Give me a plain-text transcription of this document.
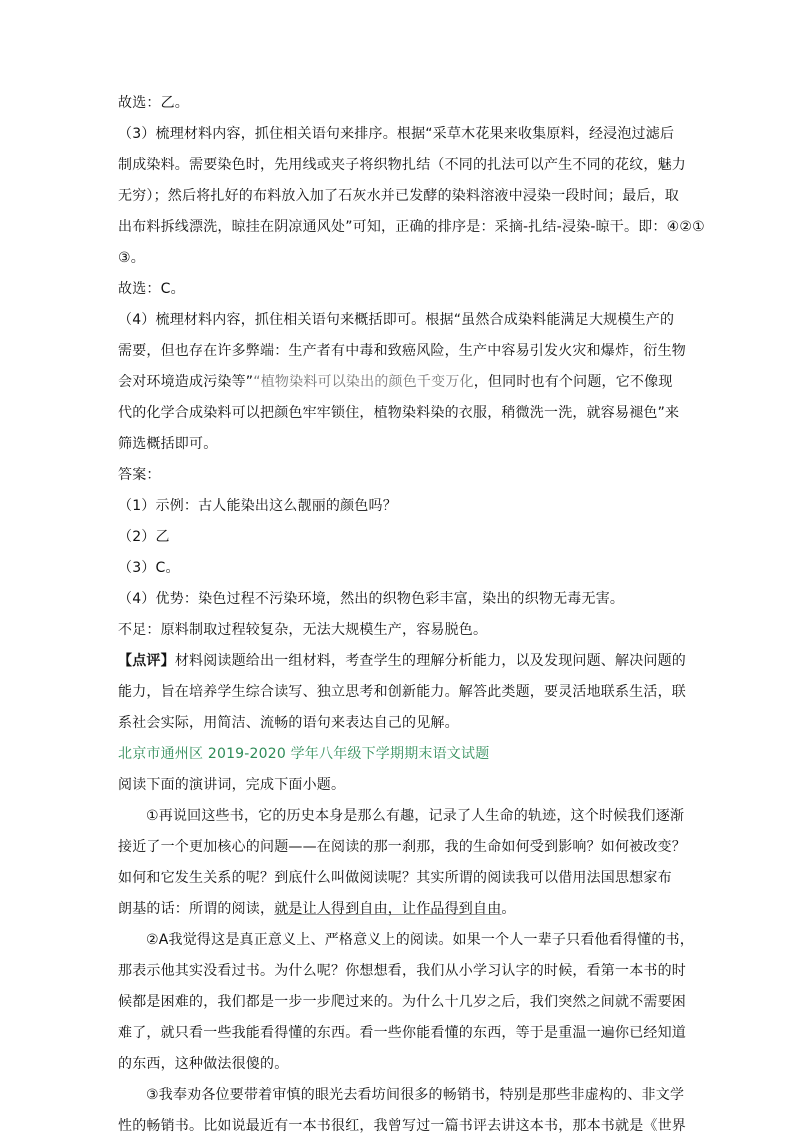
故选：乙。
（3）梳理材料内容，抓住相关语句来排序。根据“采草木花果来收集原料，经浸泡过滤后
制成染料。需要染色时，先用线或夹子将织物扎结（不同的扎法可以产生不同的花纹，魅力
无穷）；然后将扎好的布料放入加了石灰水并已发酵的染料溶液中浸染一段时间；最后，取
出布料拆线漂洗，晾挂在阴凉通风处”可知，正确的排序是：采摘-扎结-浸染-晾干。即：④②①
③。
故选：C。
（4）梳理材料内容，抓住相关语句来概括即可。根据“虽然合成染料能满足大规模生产的
需要，但也存在许多弊端：生产者有中毒和致癌风险，生产中容易引发火灾和爆炸，衍生物
会对环境造成污染等”“植物染料可以染出的颜色千变万化，但同时也有个问题，它不像现
代的化学合成染料可以把颜色牢牢锁住，植物染料染的衣服，稍微洗一洗，就容易褪色”来
筛选概括即可。
答案：
（1）示例：古人能染出这么靓丽的颜色吗？
（2）乙
（3）C。
（4）优势：染色过程不污染环境，然出的织物色彩丰富，染出的织物无毒无害。
不足：原料制取过程较复杂，无法大规模生产，容易脱色。
【点评】材料阅读题给出一组材料，考查学生的理解分析能力，以及发现问题、解决问题的
能力，旨在培养学生综合读写、独立思考和创新能力。解答此类题，要灵活地联系生活，联
系社会实际，用简洁、流畅的语句来表达自己的见解。
北京市通州区 2019-2020 学年八年级下学期期末语文试题
阅读下面的演讲词，完成下面小题。
①再说回这些书，它的历史本身是那么有趣，记录了人生命的轨迹，这个时候我们逐渐
接近了一个更加核心的问题——在阅读的那一刹那，我的生命如何受到影响？如何被改变？
如何和它发生关系的呢？到底什么叫做阅读呢？其实所谓的阅读我可以借用法国思想家布
朗基的话：所谓的阅读，就是让人得到自由，让作品得到自由。
②A我觉得这是真正意义上、严格意义上的阅读。如果一个人一辈子只看他看得懂的书，
那表示他其实没看过书。为什么呢？你想想看，我们从小学习认字的时候，看第一本书的时
候都是困难的，我们都是一步一步爬过来的。为什么十几岁之后，我们突然之间就不需要困
难了，就只看一些我能看得懂的东西。看一些你能看懂的东西，等于是重温一遍你已经知道
的东西，这种做法很傻的。
③我奉劝各位要带着审慎的眼光去看坊间很多的畅销书，特别是那些非虚构的、非文学
性的畅销书。比如说最近有一本书很红，我曾写过一篇书评去讲这本书，那本书就是《世界
